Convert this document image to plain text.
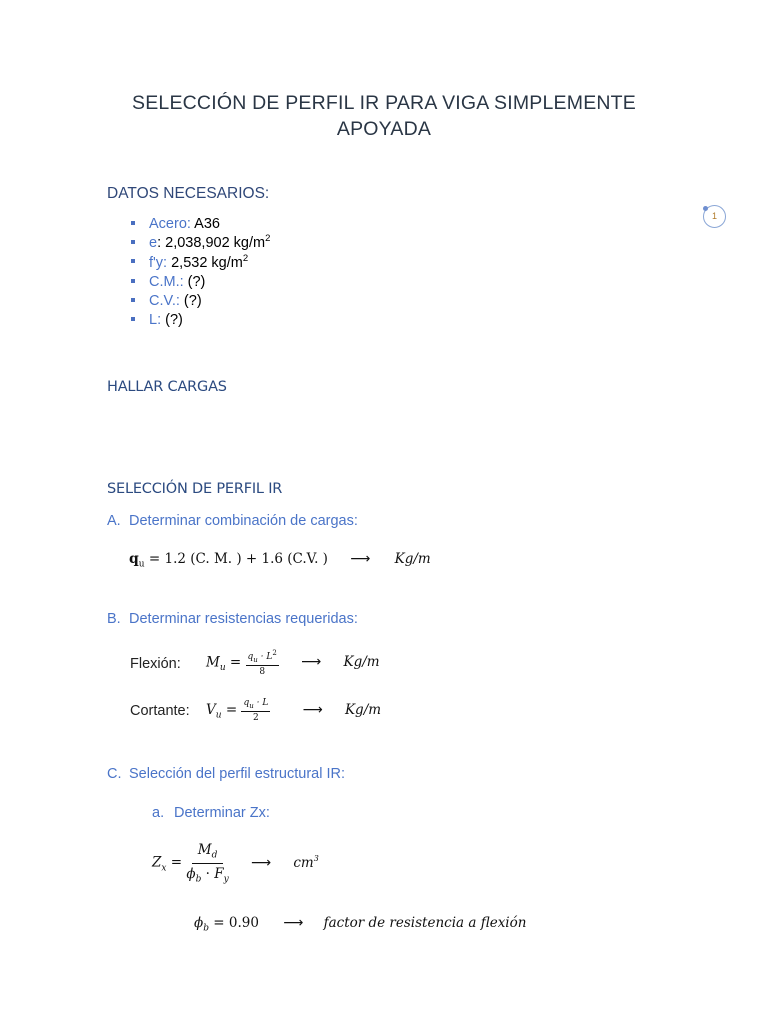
SELECCIÓN DE PERFIL IR PARA VIGA SIMPLEMENTE
APOYADA
1
DATOS NECESARIOS:
Acero: A36
e: 2,038,902 $kg/m^2$
f'y: 2,532 $kg/m^2$
C.M.: (?)
C.V.: (?)
L: (?)
HALLAR CARGAS
SELECCIÓN DE PERFIL IR
A. Determinar combinación de cargas:
$q_u = 1.2$ (C. M. ) + 1.6 (C.V. ) ⟶ Kg/m
B. Determinar resistencias requeridas:
Flexión: $M_u = \frac{q_u \cdot L^2}{8}$ ⟶ Kg/m
Cortante: $V_u = \frac{q_u \cdot L}{2}$ ⟶ Kg/m
C. Selección del perfil estructural IR:
a. Determinar Zx:
$Z_x = \frac{M_d}{\phi_b \cdot F_y}$ ⟶ $cm^3$
$\phi_b = 0.90$ ⟶ factor de resistencia a flexión
